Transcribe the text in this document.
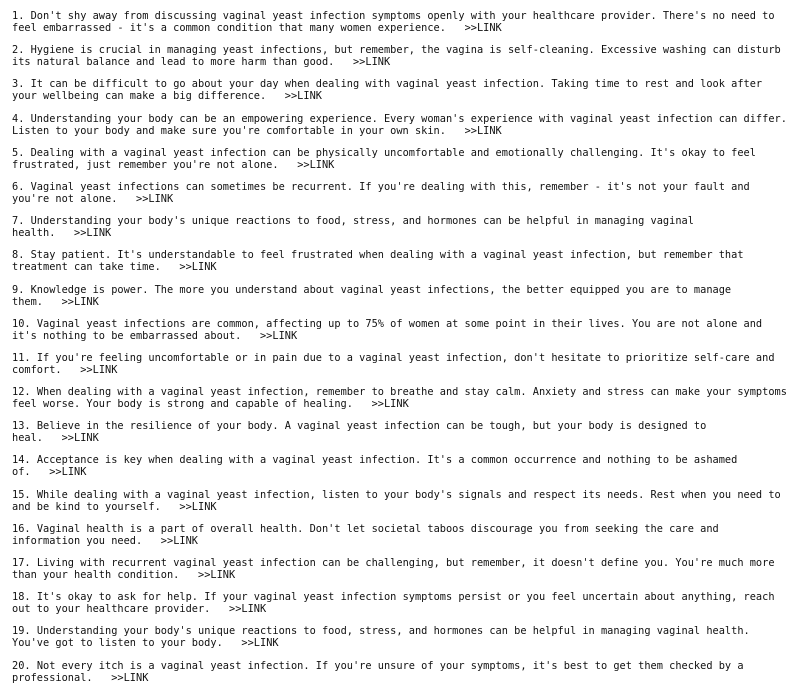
1. Don't shy away from discussing vaginal yeast infection symptoms openly with your healthcare provider. There's no need to feel embarrassed - it's a common condition that many women experience. >>LINK

2. Hygiene is crucial in managing yeast infections, but remember, the vagina is self-cleaning. Excessive washing can disturb its natural balance and lead to more harm than good. >>LINK

3. It can be difficult to go about your day when dealing with vaginal yeast infection. Taking time to rest and look after your wellbeing can make a big difference. >>LINK

4. Understanding your body can be an empowering experience. Every woman's experience with vaginal yeast infection can differ. Listen to your body and make sure you're comfortable in your own skin. >>LINK

5. Dealing with a vaginal yeast infection can be physically uncomfortable and emotionally challenging. It's okay to feel frustrated, just remember you're not alone. >>LINK

6. Vaginal yeast infections can sometimes be recurrent. If you're dealing with this, remember - it's not your fault and you're not alone. >>LINK

7. Understanding your body's unique reactions to food, stress, and hormones can be helpful in managing vaginal health. >>LINK

8. Stay patient. It's understandable to feel frustrated when dealing with a vaginal yeast infection, but remember that treatment can take time. >>LINK

9. Knowledge is power. The more you understand about vaginal yeast infections, the better equipped you are to manage them. >>LINK

10. Vaginal yeast infections are common, affecting up to 75% of women at some point in their lives. You are not alone and it's nothing to be embarrassed about. >>LINK

11. If you're feeling uncomfortable or in pain due to a vaginal yeast infection, don't hesitate to prioritize self-care and comfort. >>LINK

12. When dealing with a vaginal yeast infection, remember to breathe and stay calm. Anxiety and stress can make your symptoms feel worse. Your body is strong and capable of healing. >>LINK

13. Believe in the resilience of your body. A vaginal yeast infection can be tough, but your body is designed to heal. >>LINK

14. Acceptance is key when dealing with a vaginal yeast infection. It's a common occurrence and nothing to be ashamed of. >>LINK

15. While dealing with a vaginal yeast infection, listen to your body's signals and respect its needs. Rest when you need to and be kind to yourself. >>LINK

16. Vaginal health is a part of overall health. Don't let societal taboos discourage you from seeking the care and information you need. >>LINK

17. Living with recurrent vaginal yeast infection can be challenging, but remember, it doesn't define you. You're much more than your health condition. >>LINK

18. It's okay to ask for help. If your vaginal yeast infection symptoms persist or you feel uncertain about anything, reach out to your healthcare provider. >>LINK

19. Understanding your body's unique reactions to food, stress, and hormones can be helpful in managing vaginal health. You've got to listen to your body. >>LINK

20. Not every itch is a vaginal yeast infection. If you're unsure of your symptoms, it's best to get them checked by a professional. >>LINK
